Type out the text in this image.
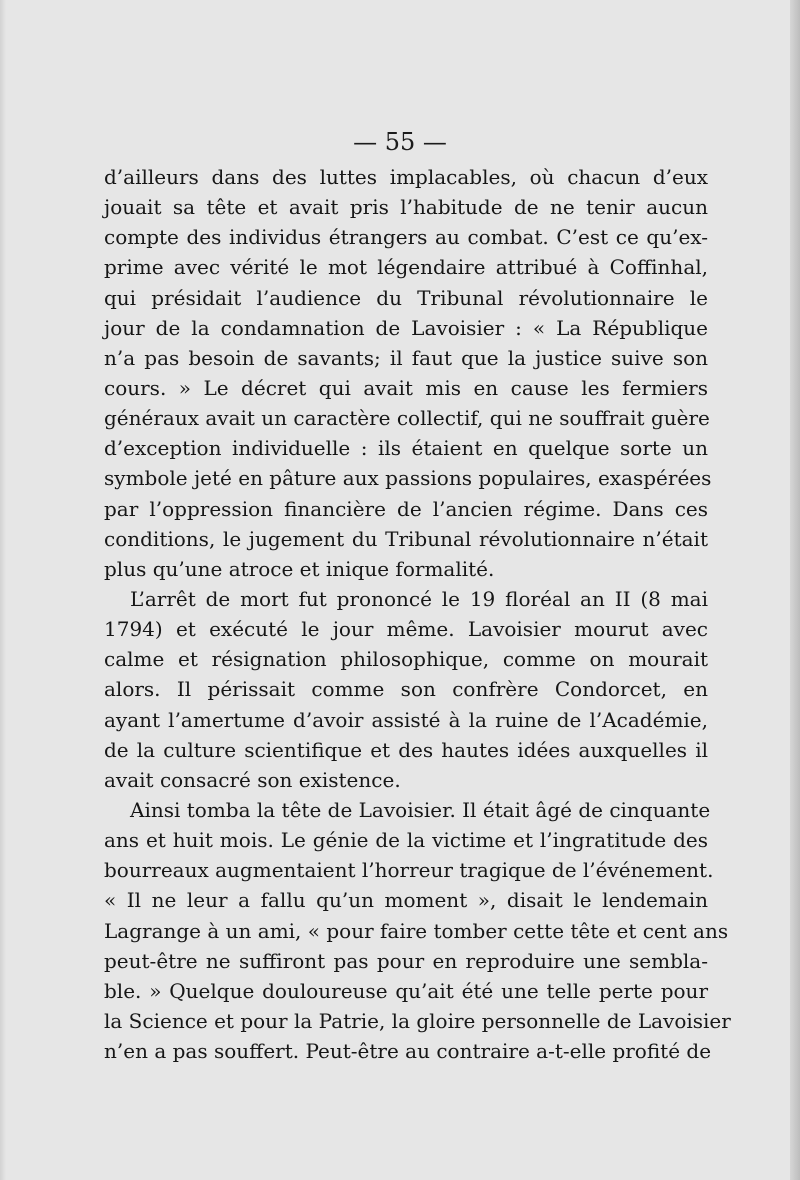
— 55 —
d’ailleurs dans des luttes implacables, où chacun d’eux
jouait sa tête et avait pris l’habitude de ne tenir aucun
compte des individus étrangers au combat. C’est ce qu’ex-
prime avec vérité le mot légendaire attribué à Coffinhal,
qui présidait l’audience du Tribunal révolutionnaire le
jour de la condamnation de Lavoisier : « La République
n’a pas besoin de savants; il faut que la justice suive son
cours. » Le décret qui avait mis en cause les fermiers
généraux avait un caractère collectif, qui ne souffrait guère
d’exception individuelle : ils étaient en quelque sorte un
symbole jeté en pâture aux passions populaires, exaspérées
par l’oppression financière de l’ancien régime. Dans ces
conditions, le jugement du Tribunal révolutionnaire n’était
plus qu’une atroce et inique formalité.
L’arrêt de mort fut prononcé le 19 floréal an II (8 mai
1794) et exécuté le jour même. Lavoisier mourut avec
calme et résignation philosophique, comme on mourait
alors. Il périssait comme son confrère Condorcet, en
ayant l’amertume d’avoir assisté à la ruine de l’Académie,
de la culture scientifique et des hautes idées auxquelles il
avait consacré son existence.
Ainsi tomba la tête de Lavoisier. Il était âgé de cinquante
ans et huit mois. Le génie de la victime et l’ingratitude des
bourreaux augmentaient l’horreur tragique de l’événement.
« Il ne leur a fallu qu’un moment », disait le lendemain
Lagrange à un ami, « pour faire tomber cette tête et cent ans
peut-être ne suffiront pas pour en reproduire une sembla-
ble. » Quelque douloureuse qu’ait été une telle perte pour
la Science et pour la Patrie, la gloire personnelle de Lavoisier
n’en a pas souffert. Peut-être au contraire a-t-elle profité de
